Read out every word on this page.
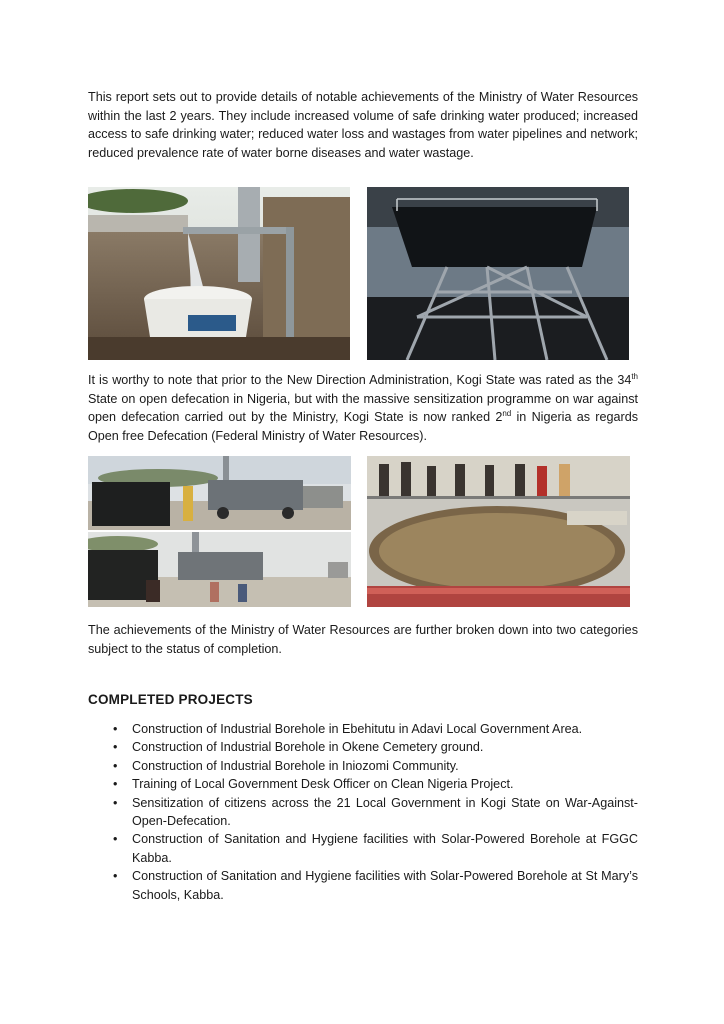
This report sets out to provide details of notable achievements of the Ministry of Water Resources within the last 2 years. They include increased volume of safe drinking water produced; increased access to safe drinking water; reduced water loss and wastages from water pipelines and network; reduced prevalence rate of water borne diseases and water wastage.

It is worthy to note that prior to the New Direction Administration, Kogi State was rated as the 34th State on open defecation in Nigeria, but with the massive sensitization programme on war against open defecation carried out by the Ministry, Kogi State is now ranked 2nd in Nigeria as regards Open free Defecation (Federal Ministry of Water Resources).

The achievements of the Ministry of Water Resources are further broken down into two categories subject to the status of completion.

COMPLETED PROJECTS
• Construction of Industrial Borehole in Ebehitutu in Adavi Local Government Area.
• Construction of Industrial Borehole in Okene Cemetery ground.
• Construction of Industrial Borehole in Iniozomi Community.
• Training of Local Government Desk Officer on Clean Nigeria Project.
• Sensitization of citizens across the 21 Local Government in Kogi State on War-Against-Open-Defecation.
• Construction of Sanitation and Hygiene facilities with Solar-Powered Borehole at FGGC Kabba.
• Construction of Sanitation and Hygiene facilities with Solar-Powered Borehole at St Mary’s Schools, Kabba.
